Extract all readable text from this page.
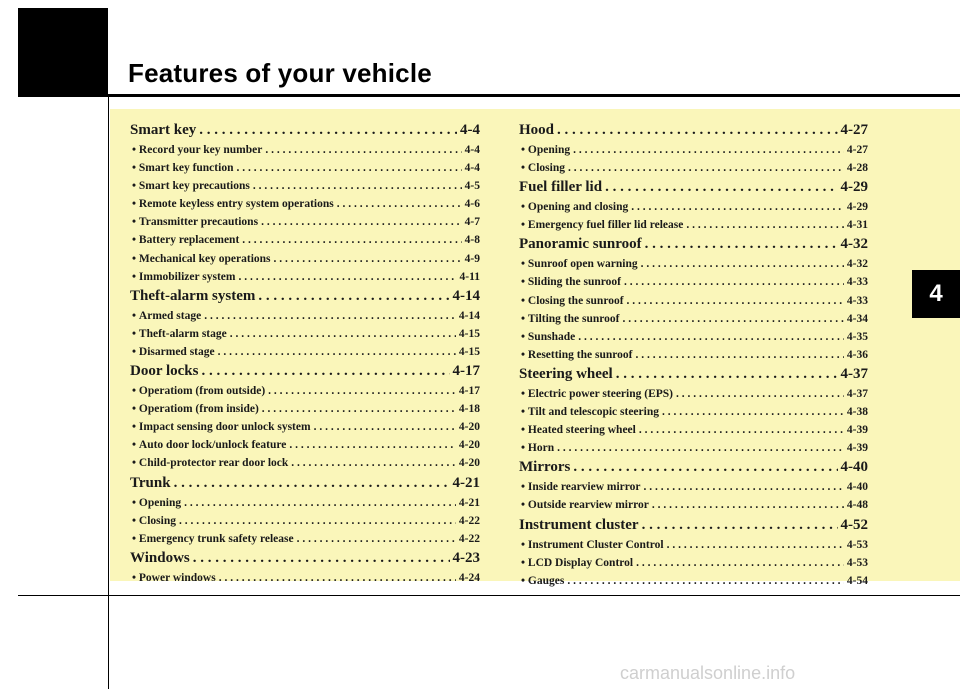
Features of your vehicle
4
Smart key . . .	4-4
• Record your key number . . .	4-4
• Smart key function . . .	4-4
• Smart key precautions . . .	4-5
• Remote keyless entry system operations . . .	4-6
• Transmitter precautions . . .	4-7
• Battery replacement . . .	4-8
• Mechanical key operations . . .	4-9
• Immobilizer system . . .	4-11
Theft-alarm system . . .	4-14
• Armed stage . . .	4-14
• Theft-alarm stage . . .	4-15
• Disarmed stage . . .	4-15
Door locks . . .	4-17
• Operatiom (from outside) . . .	4-17
• Operatiom (from inside) . . .	4-18
• Impact sensing door unlock system . . .	4-20
• Auto door lock/unlock feature . . .	4-20
• Child-protector rear door lock . . .	4-20
Trunk . . .	4-21
• Opening . . .	4-21
• Closing . . .	4-22
• Emergency trunk safety release . . .	4-22
Windows . . .	4-23
• Power windows . . .	4-24
Hood . . .	4-27
• Opening . . .	4-27
• Closing . . .	4-28
Fuel filler lid . . .	4-29
• Opening and closing . . .	4-29
• Emergency fuel filler lid release . . .	4-31
Panoramic sunroof . . .	4-32
• Sunroof open warning . . .	4-32
• Sliding the sunroof . . .	4-33
• Closing the sunroof . . .	4-33
• Tilting the sunroof . . .	4-34
• Sunshade . . .	4-35
• Resetting the sunroof . . .	4-36
Steering wheel . . .	4-37
• Electric power steering (EPS) . . .	4-37
• Tilt and telescopic steering . . .	4-38
• Heated steering wheel . . .	4-39
• Horn . . .	4-39
Mirrors . . .	4-40
• Inside rearview mirror . . .	4-40
• Outside rearview mirror . . .	4-48
Instrument cluster . . .	4-52
• Instrument Cluster Control . . .	4-53
• LCD Display Control . . .	4-53
• Gauges . . .	4-54
carmanualsonline.info
